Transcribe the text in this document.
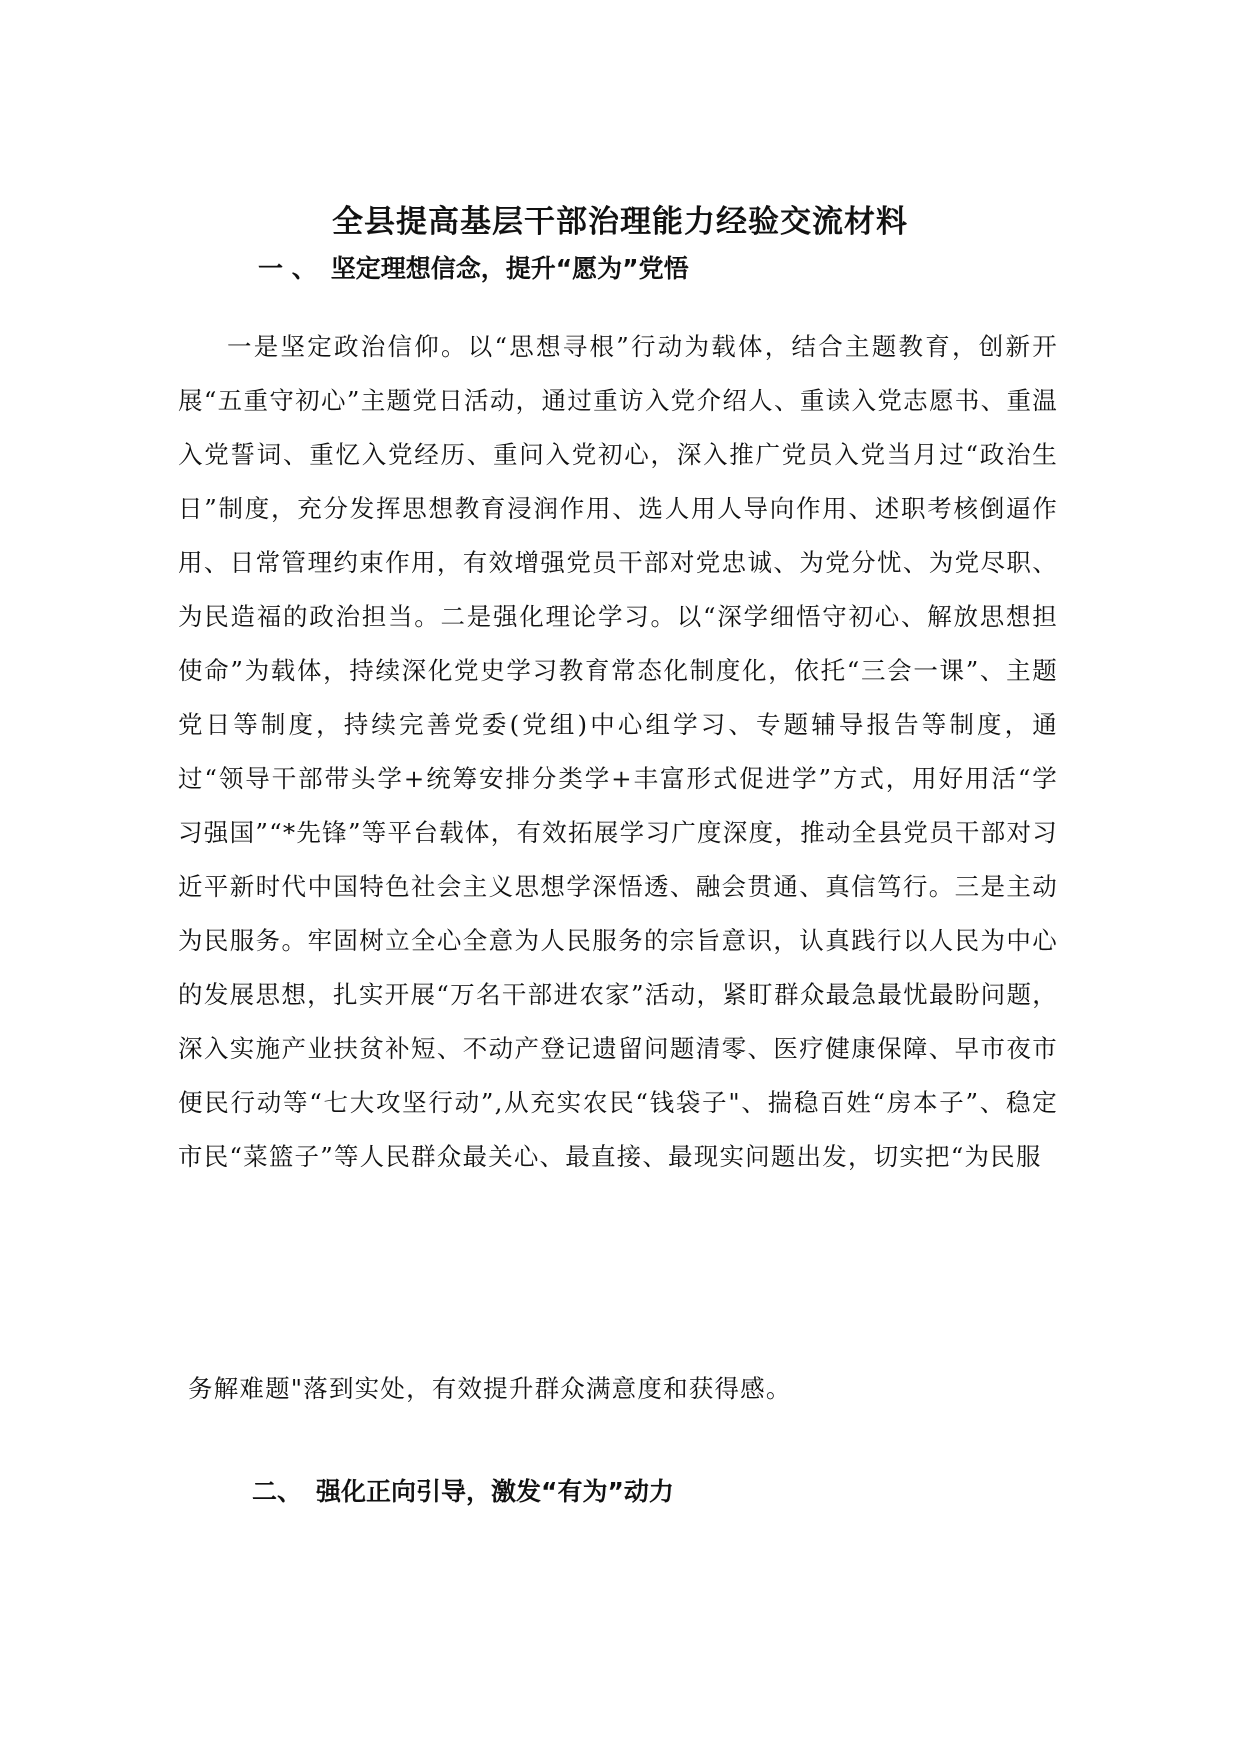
全县提高基层干部治理能力经验交流材料
一 、 坚定理想信念，提升“愿为”党悟

一是坚定政治信仰。以“思想寻根”行动为载体，结合主题教育，创新开展“五重守初心”主题党日活动，通过重访入党介绍人、重读入党志愿书、重温入党誓词、重忆入党经历、重问入党初心，深入推广党员入党当月过“政治生日”制度，充分发挥思想教育浸润作用、选人用人导向作用、述职考核倒逼作用、日常管理约束作用，有效增强党员干部对党忠诚、为党分忧、为党尽职、为民造福的政治担当。二是强化理论学习。以“深学细悟守初心、解放思想担使命”为载体，持续深化党史学习教育常态化制度化，依托“三会一课”、主题党日等制度，持续完善党委(党组)中心组学习、专题辅导报告等制度，通过“领导干部带头学+统筹安排分类学+丰富形式促进学”方式，用好用活“学习强国”“*先锋”等平台载体，有效拓展学习广度深度，推动全县党员干部对习近平新时代中国特色社会主义思想学深悟透、融会贯通、真信笃行。三是主动为民服务。牢固树立全心全意为人民服务的宗旨意识，认真践行以人民为中心的发展思想，扎实开展“万名干部进农家”活动，紧盯群众最急最忧最盼问题，深入实施产业扶贫补短、不动产登记遗留问题清零、医疗健康保障、早市夜市便民行动等“七大攻坚行动”,从充实农民“钱袋子"、揣稳百姓“房本子”、稳定市民“菜篮子”等人民群众最关心、最直接、最现实问题出发，切实把“为民服

务解难题"落到实处，有效提升群众满意度和获得感。

二、 强化正向引导，激发“有为”动力
